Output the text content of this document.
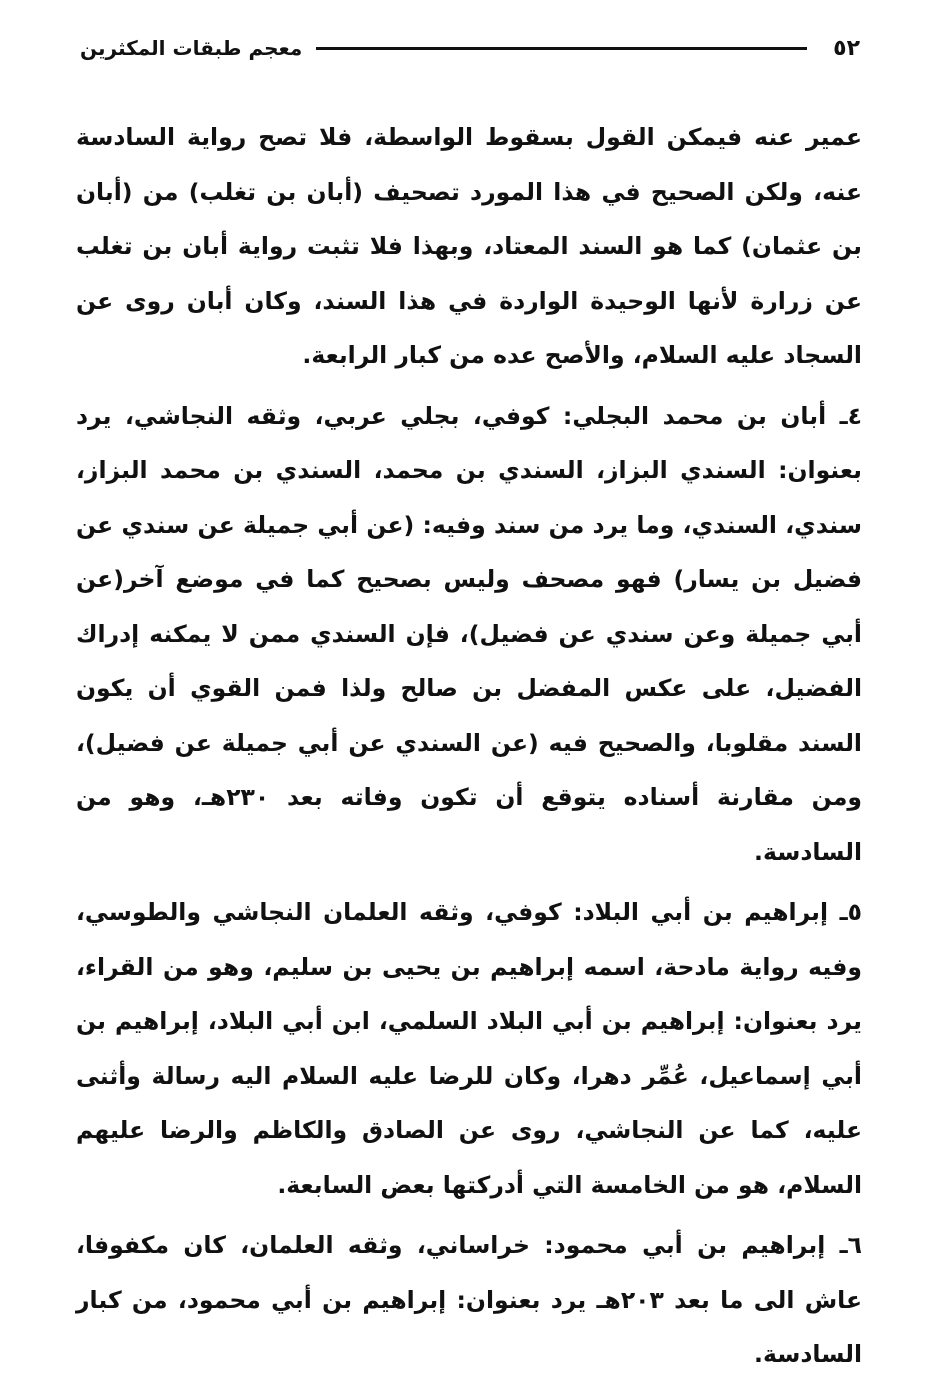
٥٢
معجم طبقات المكثرين

عمير عنه فيمكن القول بسقوط الواسطة، فلا تصح رواية السادسة عنه، ولكن الصحيح في هذا المورد تصحيف (أبان بن تغلب) من (أبان بن عثمان) كما هو السند المعتاد، وبهذا فلا تثبت رواية أبان بن تغلب عن زرارة لأنها الوحيدة الواردة في هذا السند، وكان أبان روى عن السجاد عليه السلام، والأصح عده من كبار الرابعة.

٤ـ أبان بن محمد البجلي: كوفي، بجلي عربي، وثقه النجاشي، يرد بعنوان: السندي البزاز، السندي بن محمد، السندي بن محمد البزاز، سندي، السندي، وما يرد من سند وفيه: (عن أبي جميلة عن سندي عن فضيل بن يسار) فهو مصحف وليس بصحيح كما في موضع آخر(عن أبي جميلة وعن سندي عن فضيل)، فإن السندي ممن لا يمكنه إدراك الفضيل، على عكس المفضل بن صالح ولذا فمن القوي أن يكون السند مقلوبا، والصحيح فيه (عن السندي عن أبي جميلة عن فضيل)، ومن مقارنة أسناده يتوقع أن تكون وفاته بعد ٢٣٠هـ، وهو من السادسة.

٥ـ إبراهيم بن أبي البلاد: كوفي، وثقه العلمان النجاشي والطوسي، وفيه رواية مادحة، اسمه إبراهيم بن يحيى بن سليم، وهو من القراء، يرد بعنوان: إبراهيم بن أبي البلاد السلمي، ابن أبي البلاد، إبراهيم بن أبي إسماعيل، عُمِّر دهرا، وكان للرضا عليه السلام اليه رسالة وأثنى عليه، كما عن النجاشي، روى عن الصادق والكاظم والرضا عليهم السلام، هو من الخامسة التي أدركتها بعض السابعة.

٦ـ إبراهيم بن أبي محمود: خراساني، وثقه العلمان، كان مكفوفا، عاش الى ما بعد ٢٠٣هـ يرد بعنوان: إبراهيم بن أبي محمود، من كبار السادسة.
